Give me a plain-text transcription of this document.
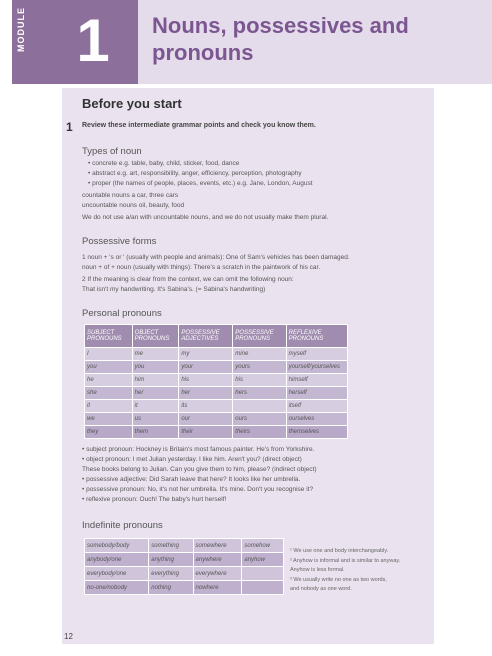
MODULE 1	Nouns, possessives and pronouns
Before you start
1 Review these intermediate grammar points and check you know them.
Types of noun
• concrete e.g. table, baby, child, sticker, food, dance
• abstract e.g. art, responsibility, anger, efficiency, perception, photography
• proper (the names of people, places, events, etc.) e.g. Jane, London, August
countable nouns a car, three cars
uncountable nouns oil, beauty, food
We do not use a/an with uncountable nouns, and we do not usually make them plural.
Possessive forms
1 noun + 's or ' (usually with people and animals): One of Sam's vehicles has been damaged.
noun + of + noun (usually with things): There's a scratch in the paintwork of his car.
2 If the meaning is clear from the context, we can omit the following noun:
That isn't my handwriting. It's Sabina's. (= Sabina's handwriting)
Personal pronouns
SUBJECT PRONOUNS	OBJECT PRONOUNS	POSSESSIVE ADJECTIVES	POSSESSIVE PRONOUNS	REFLEXIVE PRONOUNS
I	me	my	mine	myself
you	you	your	yours	yourself/yourselves
he	him	his	his	himself
she	her	her	hers	herself
it	it	its		itself
we	us	our	ours	ourselves
they	them	their	theirs	themselves
• subject pronoun: Hockney is Britain's most famous painter. He's from Yorkshire.
• object pronoun: I met Julian yesterday. I like him. Aren't you? (direct object)
These books belong to Julian. Can you give them to him, please? (indirect object)
• possessive adjective: Did Sarah leave that here? It looks like her umbrella.
• possessive pronoun: No, it's not her umbrella. It's mine. Don't you recognise it?
• reflexive pronoun: Ouch! The baby's hurt herself!
Indefinite pronouns
somebody/body	something	somewhere	somehow
anybody/one	anything	anywhere	anyhow
everybody/one	everything	everywhere	
no-one/nobody	nothing	nowhere	
¹ We use one and body interchangeably.
² Anyhow is informal and is similar to anyway.
Anyhow is less formal.
³ We usually write no one as two words,
and nobody as one word.
12
